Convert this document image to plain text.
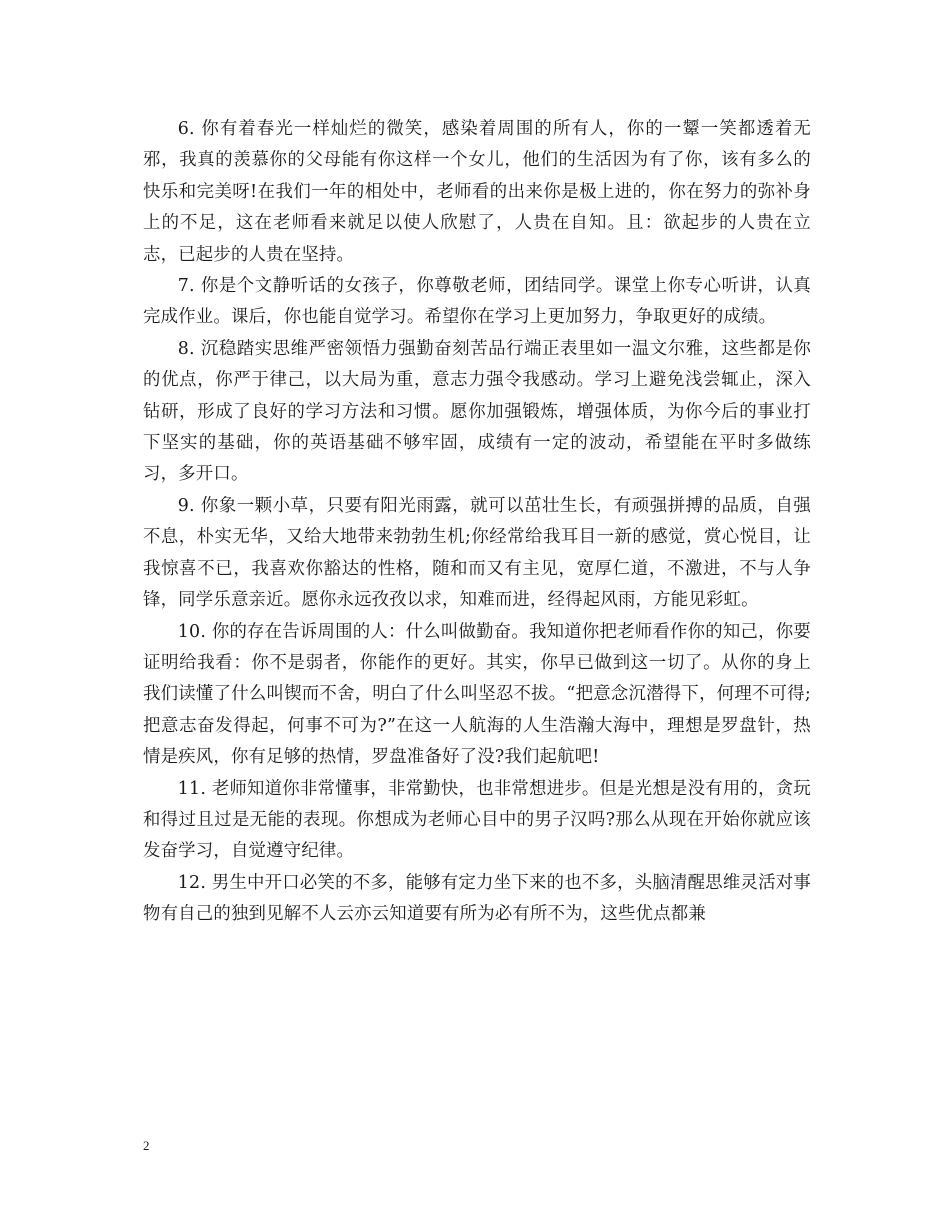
6. 你有着春光一样灿烂的微笑，感染着周围的所有人，你的一颦一笑都透着无邪，我真的羡慕你的父母能有你这样一个女儿，他们的生活因为有了你，该有多么的快乐和完美呀!在我们一年的相处中，老师看的出来你是极上进的，你在努力的弥补身上的不足，这在老师看来就足以使人欣慰了，人贵在自知。且：欲起步的人贵在立志，已起步的人贵在坚持。

7. 你是个文静听话的女孩子，你尊敬老师，团结同学。课堂上你专心听讲，认真完成作业。课后，你也能自觉学习。希望你在学习上更加努力，争取更好的成绩。

8. 沉稳踏实思维严密领悟力强勤奋刻苦品行端正表里如一温文尔雅，这些都是你的优点，你严于律己，以大局为重，意志力强令我感动。学习上避免浅尝辄止，深入钻研，形成了良好的学习方法和习惯。愿你加强锻炼，增强体质，为你今后的事业打下坚实的基础，你的英语基础不够牢固，成绩有一定的波动，希望能在平时多做练习，多开口。

9. 你象一颗小草，只要有阳光雨露，就可以茁壮生长，有顽强拼搏的品质，自强不息，朴实无华，又给大地带来勃勃生机;你经常给我耳目一新的感觉，赏心悦目，让我惊喜不已，我喜欢你豁达的性格，随和而又有主见，宽厚仁道，不激进，不与人争锋，同学乐意亲近。愿你永远孜孜以求，知难而进，经得起风雨，方能见彩虹。

10. 你的存在告诉周围的人：什么叫做勤奋。我知道你把老师看作你的知己，你要证明给我看：你不是弱者，你能作的更好。其实，你早已做到这一切了。从你的身上我们读懂了什么叫锲而不舍，明白了什么叫坚忍不拔。“把意念沉潜得下，何理不可得;把意志奋发得起，何事不可为?”在这一人航海的人生浩瀚大海中，理想是罗盘针，热情是疾风，你有足够的热情，罗盘准备好了没?我们起航吧!

11. 老师知道你非常懂事，非常勤快，也非常想进步。但是光想是没有用的，贪玩和得过且过是无能的表现。你想成为老师心目中的男子汉吗?那么从现在开始你就应该发奋学习，自觉遵守纪律。

12. 男生中开口必笑的不多，能够有定力坐下来的也不多，头脑清醒思维灵活对事物有自己的独到见解不人云亦云知道要有所为必有所不为，这些优点都兼

2
